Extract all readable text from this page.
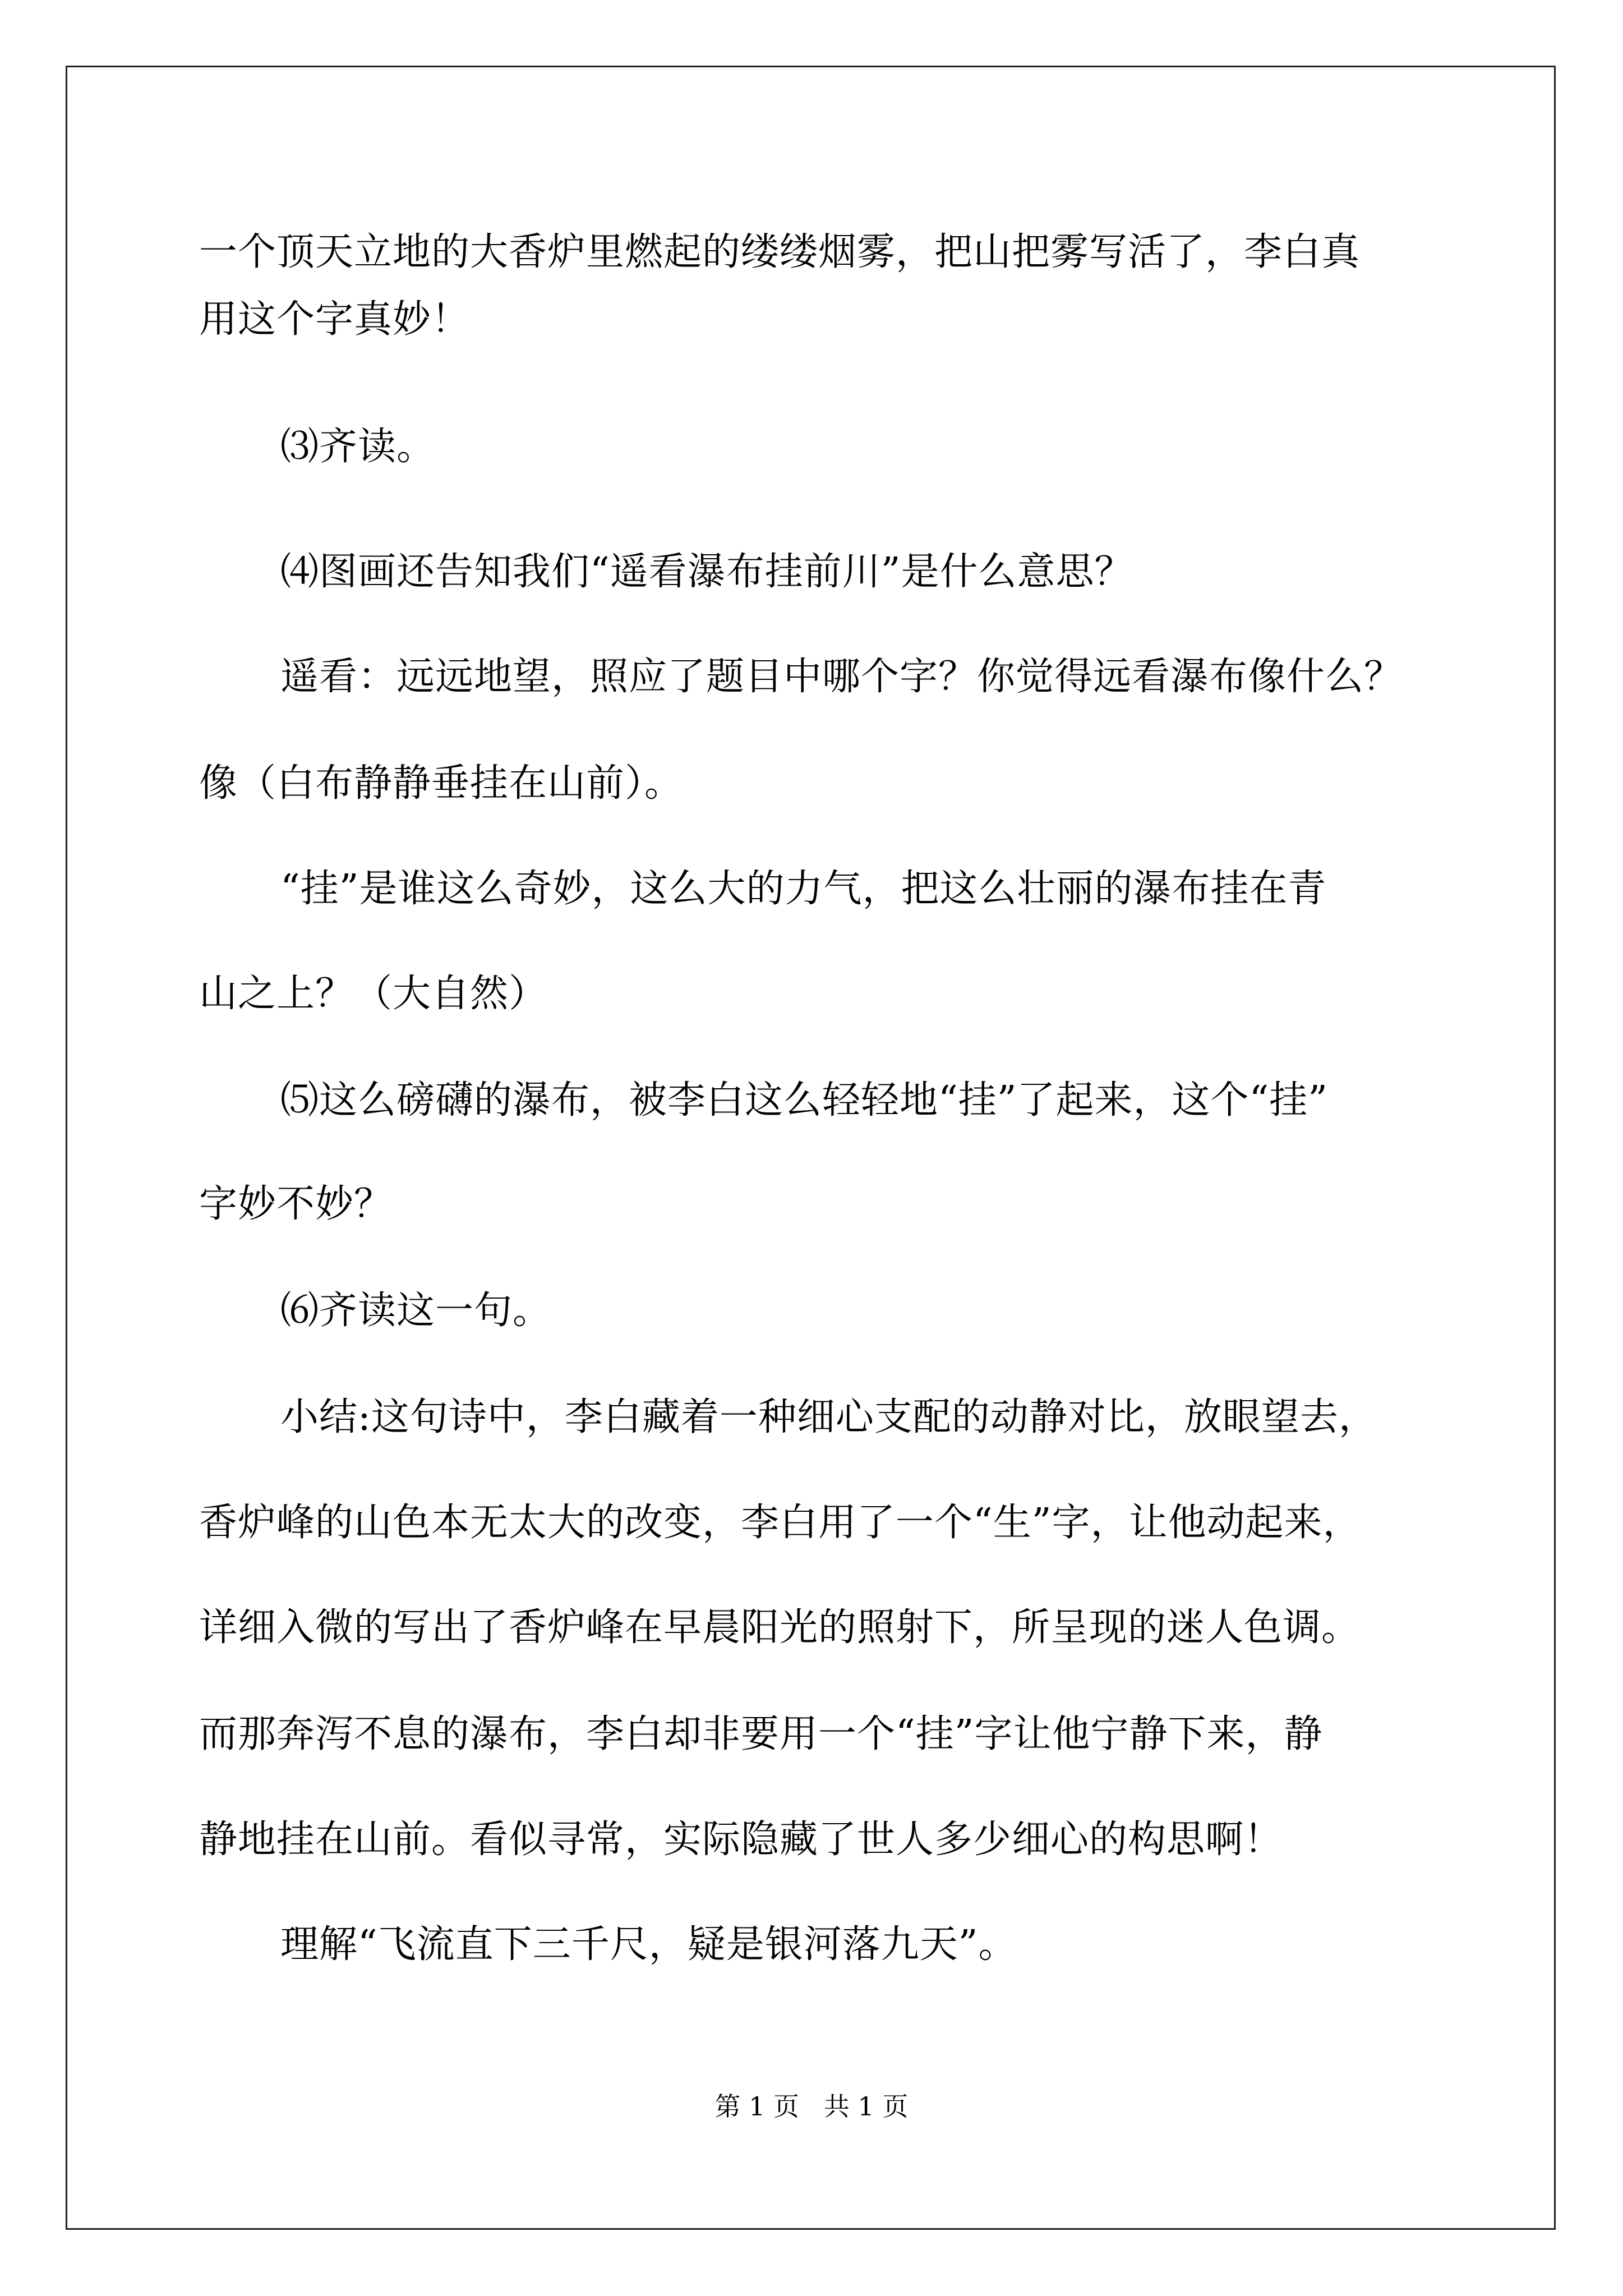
一个顶天立地的大香炉里燃起的缕缕烟雾，把山把雾写活了，李白真
用这个字真妙！
⑶齐读。
⑷图画还告知我们“遥看瀑布挂前川”是什么意思？
遥看：远远地望，照应了题目中哪个字？你觉得远看瀑布像什么？
像（白布静静垂挂在山前）。
“挂”是谁这么奇妙，这么大的力气，把这么壮丽的瀑布挂在青
山之上？（大自然）
⑸这么磅礴的瀑布，被李白这么轻轻地“挂”了起来，这个“挂”
字妙不妙？
⑹齐读这一句。
小结:这句诗中，李白藏着一种细心支配的动静对比，放眼望去，
香炉峰的山色本无太大的改变，李白用了一个“生”字，让他动起来，
详细入微的写出了香炉峰在早晨阳光的照射下，所呈现的迷人色调。
而那奔泻不息的瀑布，李白却非要用一个“挂”字让他宁静下来，静
静地挂在山前。看似寻常，实际隐藏了世人多少细心的构思啊！
理解“飞流直下三千尺，疑是银河落九天”。
第 1 页   共 1 页
